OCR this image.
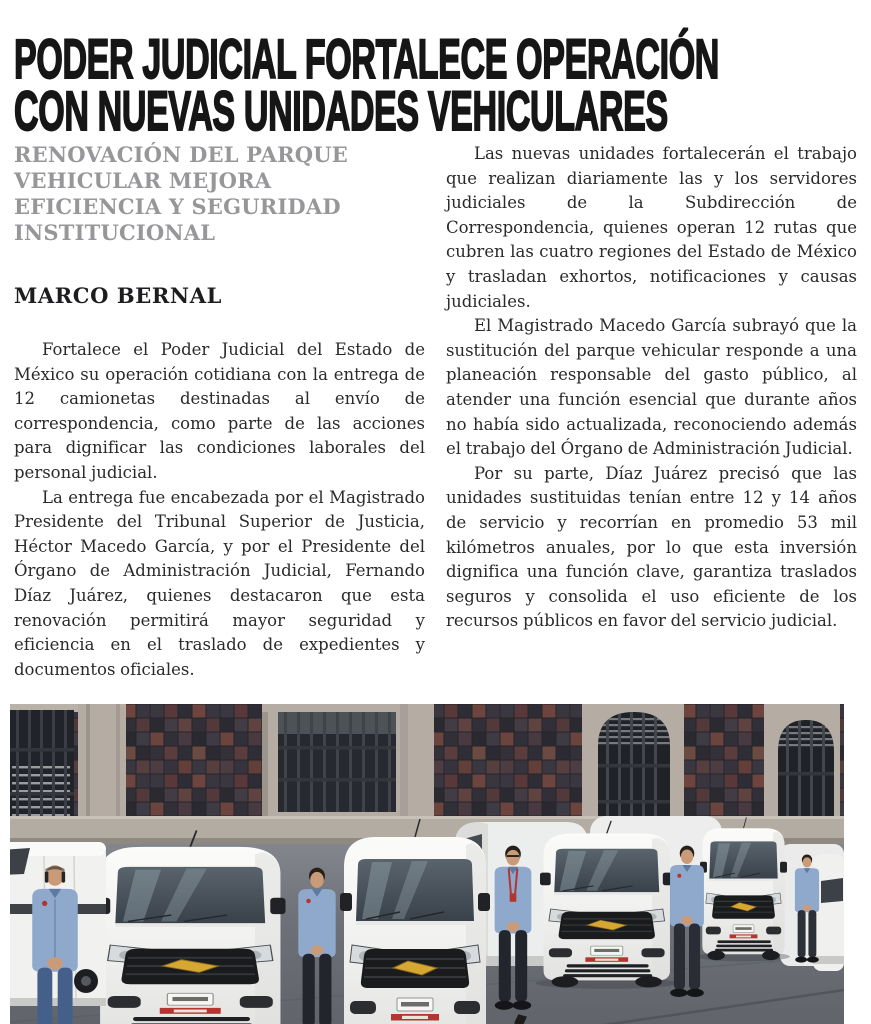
PODER JUDICIAL FORTALECE OPERACIÓN
CON NUEVAS UNIDADES VEHICULARES
RENOVACIÓN DEL PARQUE VEHICULAR MEJORA EFICIENCIA Y SEGURIDAD INSTITUCIONAL
MARCO BERNAL

Fortalece el Poder Judicial del Estado de México su operación cotidiana con la entrega de 12 camionetas destinadas al envío de correspondencia, como parte de las acciones para dignificar las condiciones laborales del personal judicial.

La entrega fue encabezada por el Magistrado Presidente del Tribunal Superior de Justicia, Héctor Macedo García, y por el Presidente del Órgano de Administración Judicial, Fernando Díaz Juárez, quienes destacaron que esta renovación permitirá mayor seguridad y eficiencia en el traslado de expedientes y documentos oficiales.

Las nuevas unidades fortalecerán el trabajo que realizan diariamente las y los servidores judiciales de la Subdirección de Correspondencia, quienes operan 12 rutas que cubren las cuatro regiones del Estado de México y trasladan exhortos, notificaciones y causas judiciales.

El Magistrado Macedo García subrayó que la sustitución del parque vehicular responde a una planeación responsable del gasto público, al atender una función esencial que durante años no había sido actualizada, reconociendo además el trabajo del Órgano de Administración Judicial.

Por su parte, Díaz Juárez precisó que las unidades sustituidas tenían entre 12 y 14 años de servicio y recorrían en promedio 53 mil kilómetros anuales, por lo que esta inversión dignifica una función clave, garantiza traslados seguros y consolida el uso eficiente de los recursos públicos en favor del servicio judicial.
